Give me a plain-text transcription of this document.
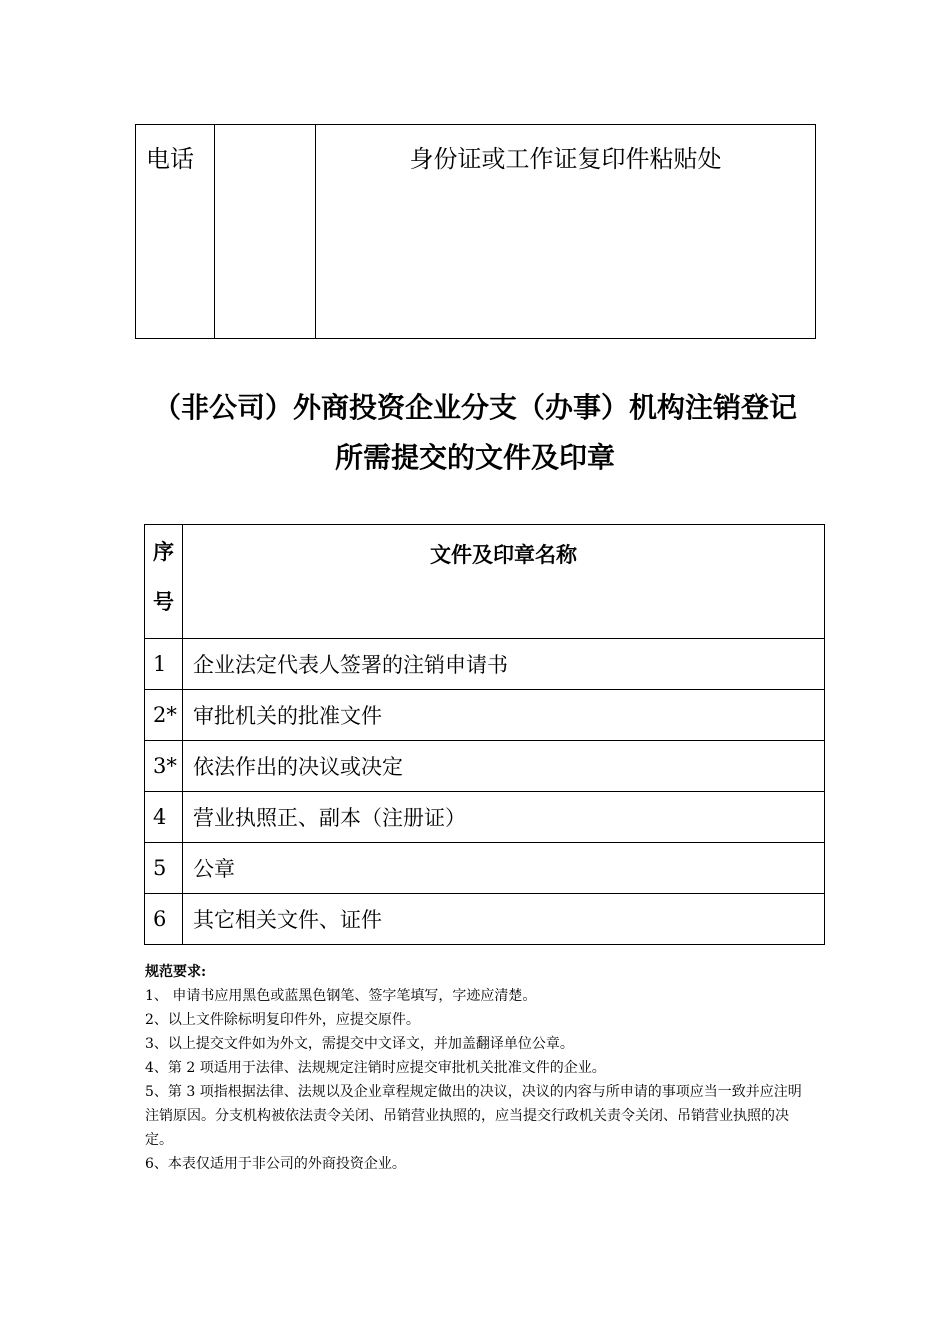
电话		身份证或工作证复印件粘贴处
（非公司）外商投资企业分支（办事）机构注销登记
所需提交的文件及印章
序
号	文件及印章名称
1	企业法定代表人签署的注销申请书
2*	审批机关的批准文件
3*	依法作出的决议或决定
4	营业执照正、副本（注册证）
5	公章
6	其它相关文件、证件

规范要求:

1、 申请书应用黑色或蓝黑色钢笔、签字笔填写，字迹应清楚。

2、以上文件除标明复印件外，应提交原件。

3、以上提交文件如为外文，需提交中文译文，并加盖翻译单位公章。

4、第 2 项适用于法律、法规规定注销时应提交审批机关批准文件的企业。

5、第 3 项指根据法律、法规以及企业章程规定做出的决议，决议的内容与所申请的事项应当一致并应注明注销原因。分支机构被依法责令关闭、吊销营业执照的，应当提交行政机关责令关闭、吊销营业执照的决定。

6、本表仅适用于非公司的外商投资企业。
